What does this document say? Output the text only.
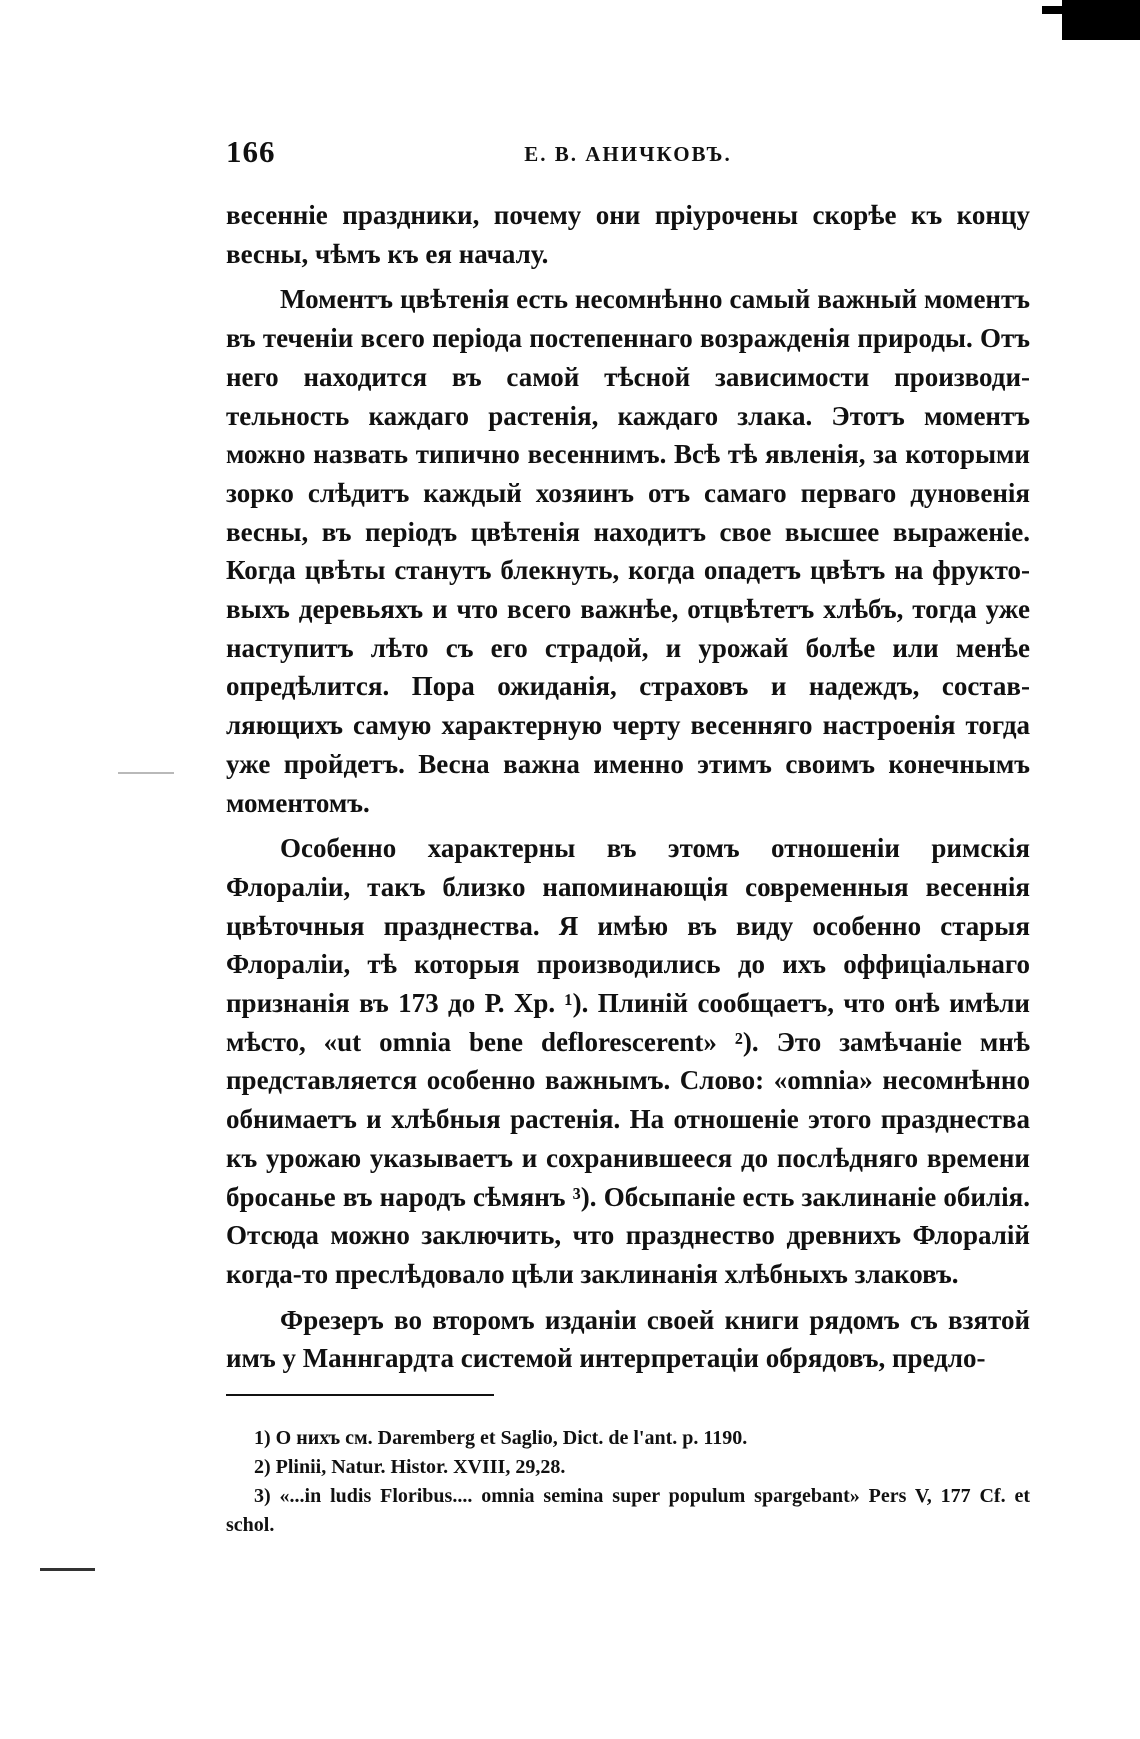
166	Е. В. АНИЧКОВЪ.

весенніе праздники, почему они пріурочены скорѣе къ концу весны, чѣмъ къ ея началу.

Моментъ цвѣтенія есть несомнѣнно самый важный моментъ въ теченіи всего періода постепеннаго возражденія природы. Отъ него находится въ самой тѣсной зависимости производительность каждаго растенія, каждаго злака. Этотъ моментъ можно назвать типично весеннимъ. Всѣ тѣ явленія, за которыми зорко слѣдитъ каждый хозяинъ отъ самаго перваго дуновенія весны, въ періодъ цвѣтенія находитъ свое высшее выраженіе. Когда цвѣты станутъ блекнуть, когда опадетъ цвѣтъ на фруктовыхъ деревьяхъ и что всего важнѣе, отцвѣтетъ хлѣбъ, тогда уже наступитъ лѣто съ его страдой, и урожай болѣе или менѣе опредѣлится. Пора ожиданія, страховъ и надеждъ, составляющихъ самую характерную черту весенняго настроенія тогда уже пройдетъ. Весна важна именно этимъ своимъ конечнымъ моментомъ.

Особенно характерны въ этомъ отношеніи римскія Флораліи, такъ близко напоминающія современныя весеннія цвѣточныя празднества. Я имѣю въ виду особенно старыя Флораліи, тѣ которыя производились до ихъ оффиціальнаго признанія въ 173 до Р. Хр. ¹). Плиній сообщаетъ, что онѣ имѣли мѣсто, «ut omnia bene deflorescerent» ²). Это замѣчаніе мнѣ представляется особенно важнымъ. Слово: «omnia» несомнѣнно обнимаетъ и хлѣбныя растенія. На отношеніе этого празднества къ урожаю указываетъ и сохранившееся до послѣдняго времени бросанье въ народъ сѣмянъ ³). Обсыпаніе есть заклинаніе обилія. Отсюда можно заключить, что празднество древнихъ Флоралій когда-то преслѣдовало цѣли заклинанія хлѣбныхъ злаковъ.

Фрезеръ во второмъ изданіи своей книги рядомъ съ взятой имъ у Маннгардта системой интерпретаціи обрядовъ, предло-

1) О нихъ см. Daremberg et Saglio, Dict. de l'ant. p. 1190.

2) Plinii, Natur. Histor. XVIII, 29,28.

3) «...in ludis Floribus.... omnia semina super populum spargebant» Pers V, 177 Cf. et schol.
